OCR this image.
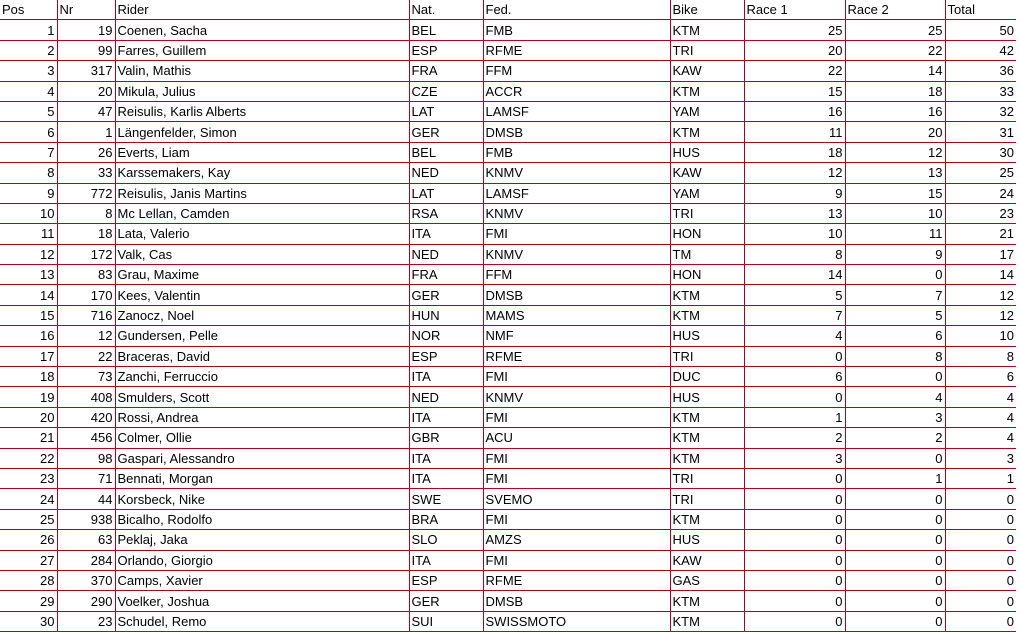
Pos	Nr	Rider	Nat.	Fed.	Bike	Race 1	Race 2	Total
1	19	Coenen, Sacha	BEL	FMB	KTM	25	25	50
2	99	Farres, Guillem	ESP	RFME	TRI	20	22	42
3	317	Valin, Mathis	FRA	FFM	KAW	22	14	36
4	20	Mikula, Julius	CZE	ACCR	KTM	15	18	33
5	47	Reisulis, Karlis Alberts	LAT	LAMSF	YAM	16	16	32
6	1	Längenfelder, Simon	GER	DMSB	KTM	11	20	31
7	26	Everts, Liam	BEL	FMB	HUS	18	12	30
8	33	Karssemakers, Kay	NED	KNMV	KAW	12	13	25
9	772	Reisulis, Janis Martins	LAT	LAMSF	YAM	9	15	24
10	8	Mc Lellan, Camden	RSA	KNMV	TRI	13	10	23
11	18	Lata, Valerio	ITA	FMI	HON	10	11	21
12	172	Valk, Cas	NED	KNMV	TM	8	9	17
13	83	Grau, Maxime	FRA	FFM	HON	14	0	14
14	170	Kees, Valentin	GER	DMSB	KTM	5	7	12
15	716	Zanocz, Noel	HUN	MAMS	KTM	7	5	12
16	12	Gundersen, Pelle	NOR	NMF	HUS	4	6	10
17	22	Braceras, David	ESP	RFME	TRI	0	8	8
18	73	Zanchi, Ferruccio	ITA	FMI	DUC	6	0	6
19	408	Smulders, Scott	NED	KNMV	HUS	0	4	4
20	420	Rossi, Andrea	ITA	FMI	KTM	1	3	4
21	456	Colmer, Ollie	GBR	ACU	KTM	2	2	4
22	98	Gaspari, Alessandro	ITA	FMI	KTM	3	0	3
23	71	Bennati, Morgan	ITA	FMI	TRI	0	1	1
24	44	Korsbeck, Nike	SWE	SVEMO	TRI	0	0	0
25	938	Bicalho, Rodolfo	BRA	FMI	KTM	0	0	0
26	63	Peklaj, Jaka	SLO	AMZS	HUS	0	0	0
27	284	Orlando, Giorgio	ITA	FMI	KAW	0	0	0
28	370	Camps, Xavier	ESP	RFME	GAS	0	0	0
29	290	Voelker, Joshua	GER	DMSB	KTM	0	0	0
30	23	Schudel, Remo	SUI	SWISSMOTO	KTM	0	0	0
